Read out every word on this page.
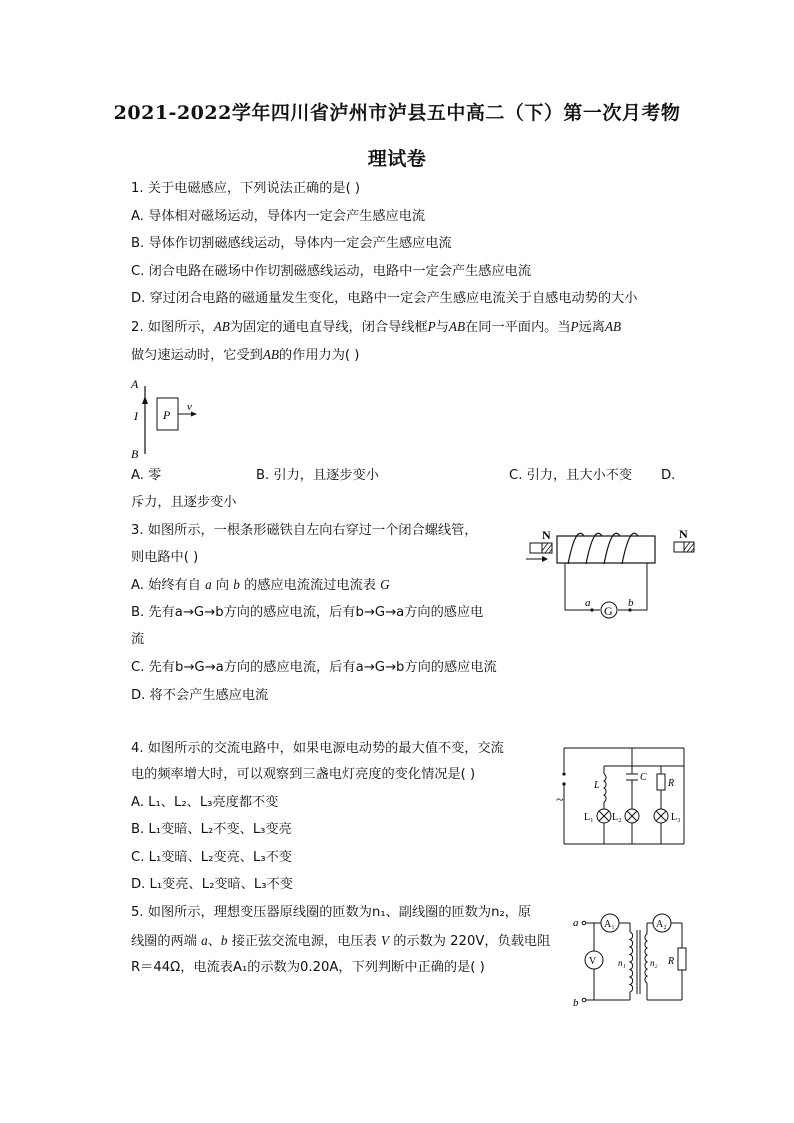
2021-2022学年四川省泸州市泸县五中高二（下）第一次月考物
理试卷
1. 关于电磁感应，下列说法正确的是( )
A. 导体相对磁场运动，导体内一定会产生感应电流
B. 导体作切割磁感线运动，导体内一定会产生感应电流
C. 闭合电路在磁场中作切割磁感线运动，电路中一定会产生感应电流
D. 穿过闭合电路的磁通量发生变化，电路中一定会产生感应电流关于自感电动势的大小
2. 如图所示，AB为固定的通电直导线，闭合导线框P与AB在同一平面内。当P远离AB
做匀速运动时，它受到AB的作用力为( )
A
I P
v
B
A. 零	B. 引力，且逐步变小	C. 引力，且大小不变 D.
斥力，且逐步变小
3. 如图所示，一根条形磁铁自左向右穿过一个闭合螺线管，
则电路中( )
A. 始终有自 a 向 b 的感应电流流过电流表 G
B. 先有a→G→b方向的感应电流，后有b→G→a方向的感应电
流
C. 先有b→G→a方向的感应电流，后有a→G→b方向的感应电流
D. 将不会产生感应电流
N	N
G
a	b
4. 如图所示的交流电路中，如果电源电动势的最大值不变，交流
电的频率增大时，可以观察到三盏电灯亮度的变化情况是( )
A. L₁、L₂、L₃亮度都不变
B. L₁变暗、L₂不变、L₃变亮
C. L₁变暗、L₂变亮、L₃不变
D. L₁变亮、L₂变暗、L₃不变
~
L
C
R
L₁ L₂	L₃
5. 如图所示，理想变压器原线圈的匝数为n₁、副线圈的匝数为n₂，原
线圈的两端 a、b 接正弦交流电源，电压表 V 的示数为 220V，负载电阻
R＝44Ω，电流表A₁的示数为0.20A，下列判断中正确的是( )
a
b
A₁	A₂
V n₁	n₂ R
